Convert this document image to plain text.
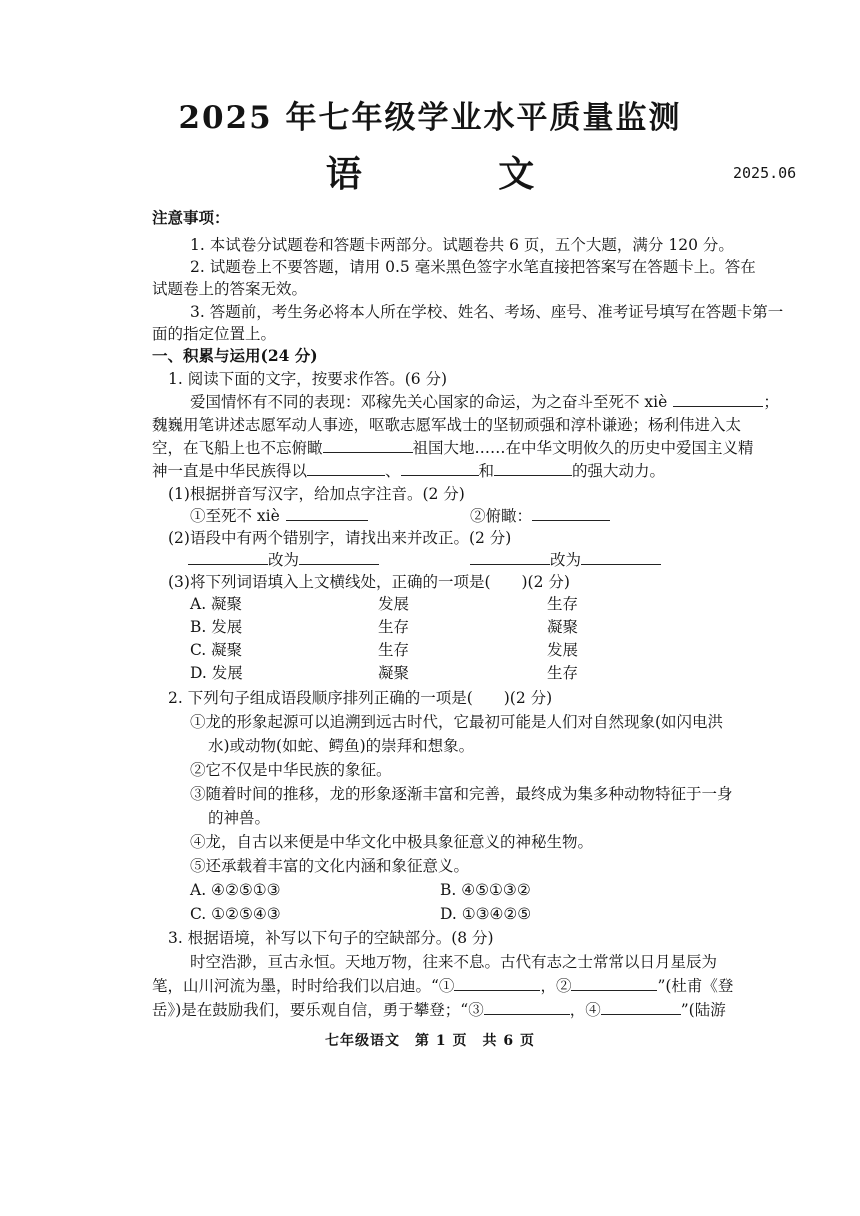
2025 年七年级学业水平质量监测
语 文	2025.06
注意事项：
1. 本试卷分试题卷和答题卡两部分。试题卷共 6 页，五个大题，满分 120 分。
2. 试题卷上不要答题，请用 0.5 毫米黑色签字水笔直接把答案写在答题卡上。答在
试题卷上的答案无效。
3. 答题前，考生务必将本人所在学校、姓名、考场、座号、准考证号填写在答题卡第一
面的指定位置上。
一、积累与运用(24 分)
1. 阅读下面的文字，按要求作答。(6 分)
爱国情怀有不同的表现：邓稼先关心国家的命运，为之奋斗至死不 xiè	；
魏巍用笔讲述志愿军动人事迹，呕歌志愿军战士的坚韧顽强和淳朴谦逊；杨利伟进入太
空，在飞船上也不忘俯瞰	祖国大地……在中华文明攸久的历史中爱国主义精
神一直是中华民族得以	、	和	的强大动力。
(1)根据拼音写汉字，给加点字注音。(2 分)
①至死不 xiè	②俯瞰：
(2)语段中有两个错别字，请找出来并改正。(2 分)
改为	改为
(3)将下列词语填入上文横线处，正确的一项是(　　)(2 分)
A. 凝聚	发展	生存
B. 发展	生存	凝聚
C. 凝聚	生存	发展
D. 发展	凝聚	生存
2. 下列句子组成语段顺序排列正确的一项是(　　)(2 分)
①龙的形象起源可以追溯到远古时代，它最初可能是人们对自然现象(如闪电洪
水)或动物(如蛇、鳄鱼)的崇拜和想象。
②它不仅是中华民族的象征。
③随着时间的推移，龙的形象逐渐丰富和完善，最终成为集多种动物特征于一身
的神兽。
④龙，自古以来便是中华文化中极具象征意义的神秘生物。
⑤还承载着丰富的文化内涵和象征意义。
A. ④②⑤①③	B. ④⑤①③②
C. ①②⑤④③	D. ①③④②⑤
3. 根据语境，补写以下句子的空缺部分。(8 分)
时空浩渺，亘古永恒。天地万物，往来不息。古代有志之士常常以日月星辰为
笔，山川河流为墨，时时给我们以启迪。“①	，②	”(杜甫《登
岳》)是在鼓励我们，要乐观自信，勇于攀登；“③	，④	”(陆游
七年级语文　第 1 页　共 6 页
